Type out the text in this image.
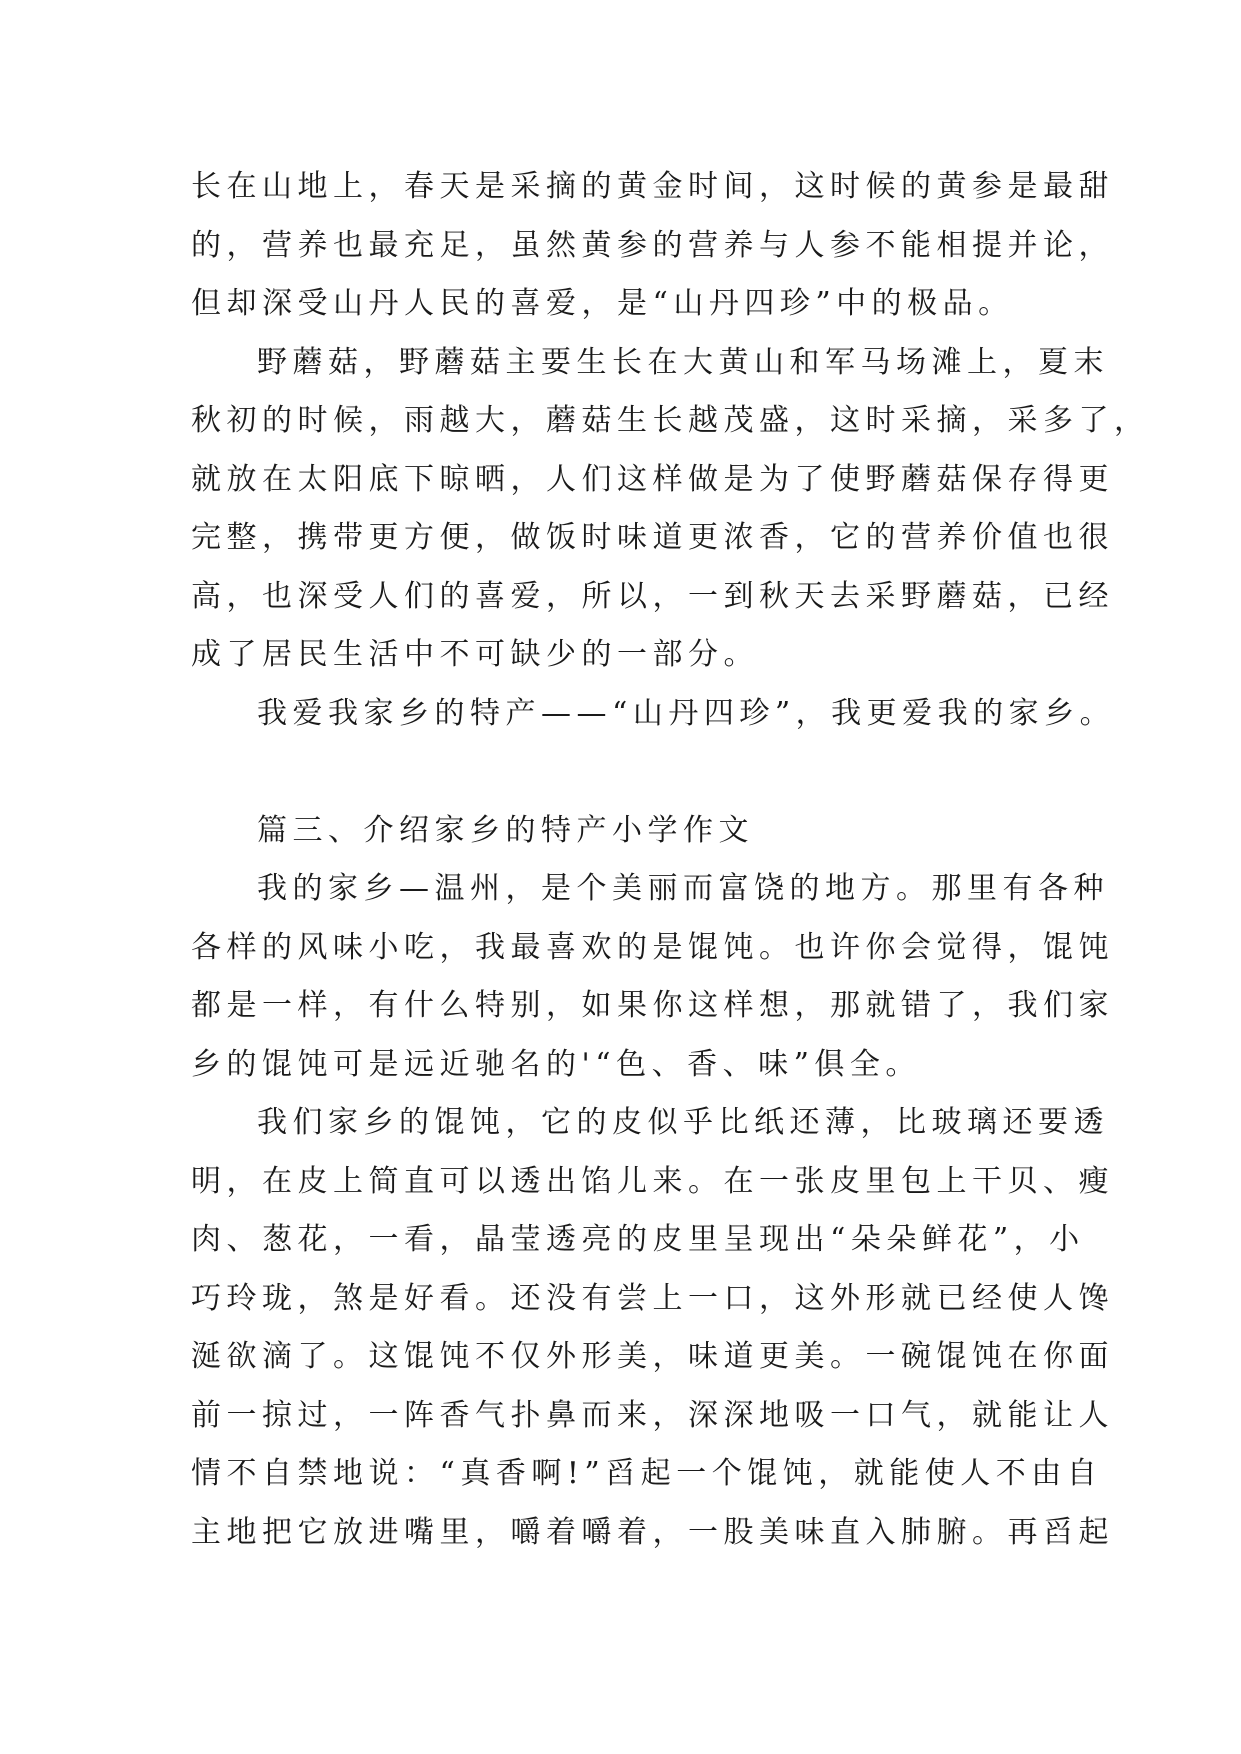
长在山地上，春天是采摘的黄金时间，这时候的黄参是最甜
的，营养也最充足，虽然黄参的营养与人参不能相提并论，
但却深受山丹人民的喜爱，是“山丹四珍”中的极品。
野蘑菇，野蘑菇主要生长在大黄山和军马场滩上，夏末
秋初的时候，雨越大，蘑菇生长越茂盛，这时采摘，采多了，
就放在太阳底下晾晒，人们这样做是为了使野蘑菇保存得更
完整，携带更方便，做饭时味道更浓香，它的营养价值也很
高，也深受人们的喜爱，所以，一到秋天去采野蘑菇，已经
成了居民生活中不可缺少的一部分。
我爱我家乡的特产——“山丹四珍”，我更爱我的家乡。
篇三、介绍家乡的特产小学作文
我的家乡—温州，是个美丽而富饶的地方。那里有各种
各样的风味小吃，我最喜欢的是馄饨。也许你会觉得，馄饨
都是一样，有什么特别，如果你这样想，那就错了，我们家
乡的馄饨可是远近驰名的'“色、香、味”俱全。
我们家乡的馄饨，它的皮似乎比纸还薄，比玻璃还要透
明，在皮上简直可以透出馅儿来。在一张皮里包上干贝、瘦
肉、葱花，一看，晶莹透亮的皮里呈现出“朵朵鲜花”，小
巧玲珑，煞是好看。还没有尝上一口，这外形就已经使人馋
涎欲滴了。这馄饨不仅外形美，味道更美。一碗馄饨在你面
前一掠过，一阵香气扑鼻而来，深深地吸一口气，就能让人
情不自禁地说：“真香啊!”舀起一个馄饨，就能使人不由自
主地把它放进嘴里，嚼着嚼着，一股美味直入肺腑。再舀起
